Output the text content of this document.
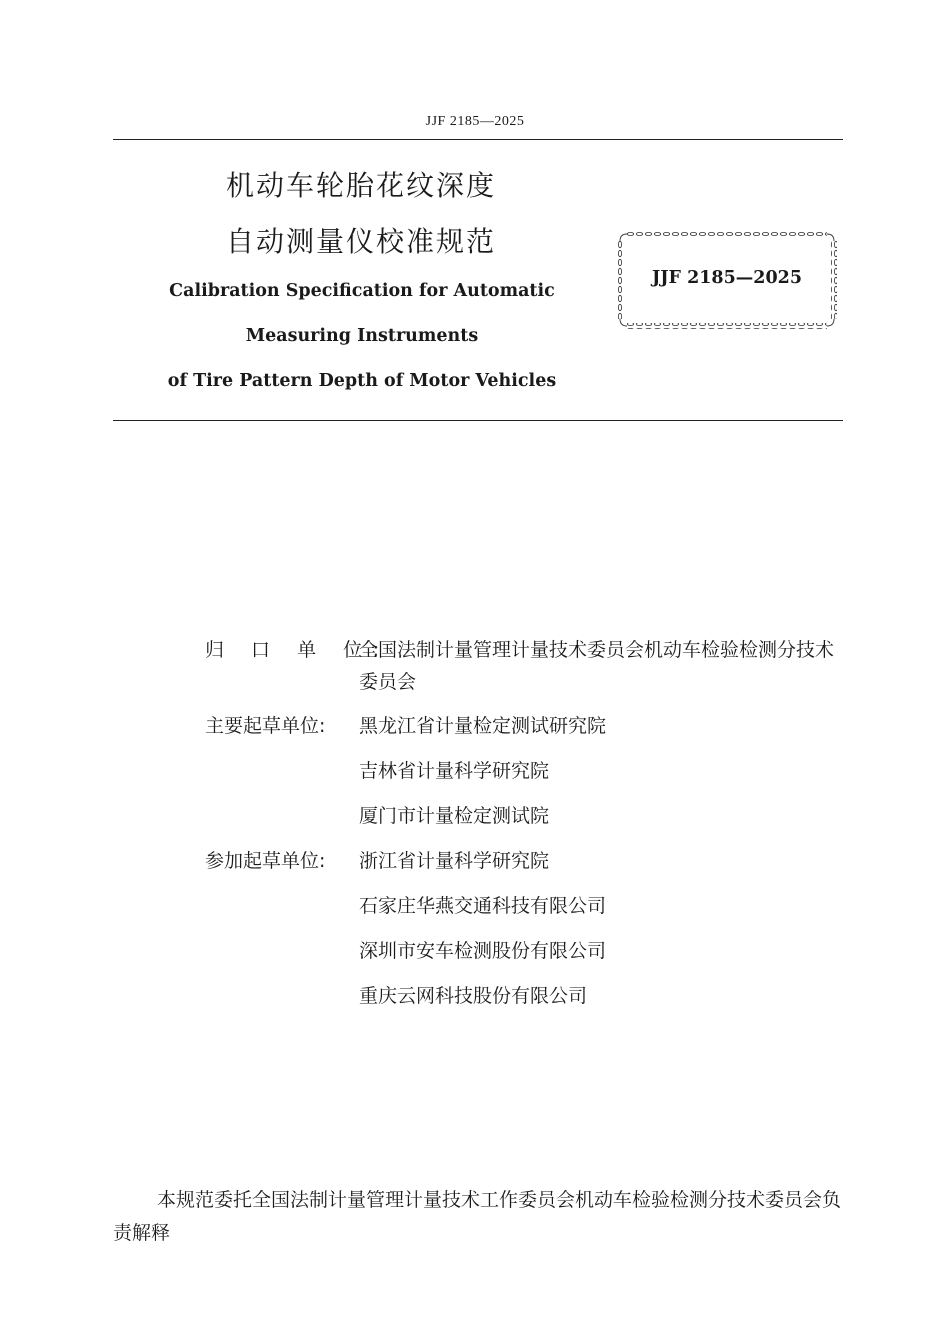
JJF 2185—2025
机动车轮胎花纹深度
自动测量仪校准规范
Calibration Specification for Automatic
Measuring Instruments
of Tire Pattern Depth of Motor Vehicles
JJF 2185—2025
归 口 单 位:
全国法制计量管理计量技术委员会机动车检验检测分技术委员会
主要起草单位:	黑龙江省计量检定测试研究院
吉林省计量科学研究院
厦门市计量检定测试院
参加起草单位:	浙江省计量科学研究院
石家庄华燕交通科技有限公司
深圳市安车检测股份有限公司
重庆云网科技股份有限公司
本规范委托全国法制计量管理计量技术工作委员会机动车检验检测分技术委员会负责解释
